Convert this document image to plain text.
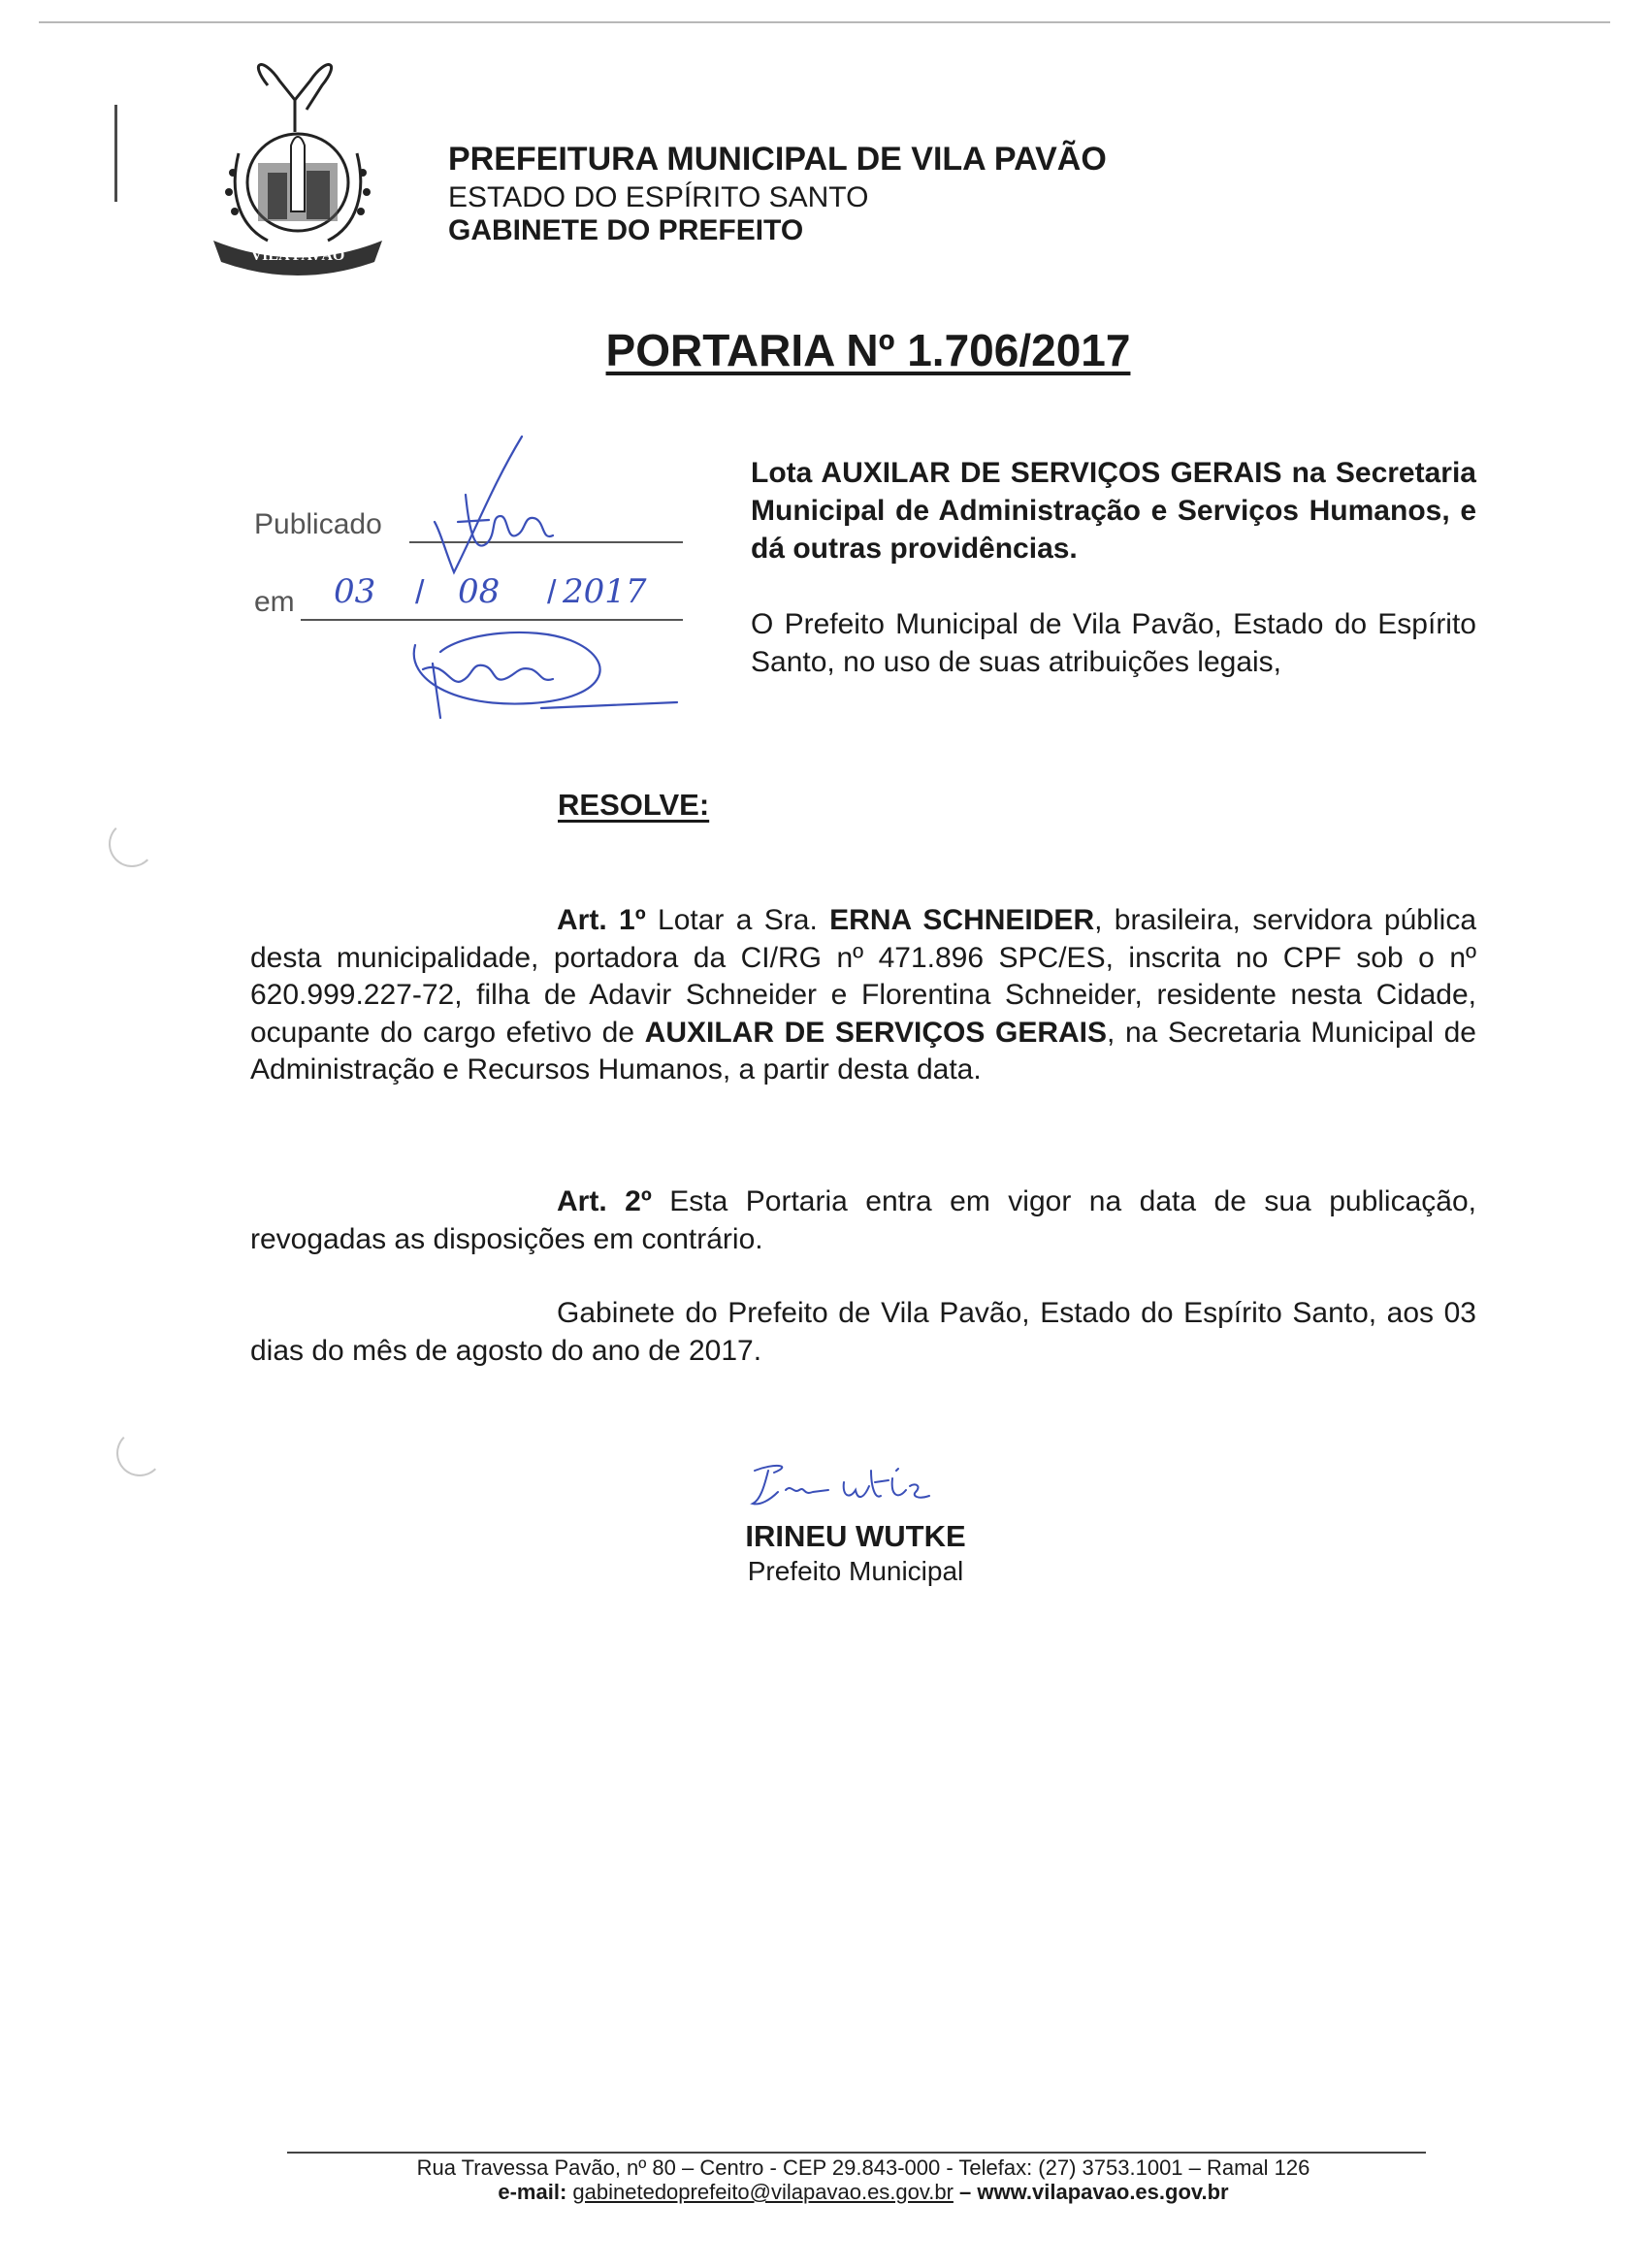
VILA PAVÃO
PREFEITURA MUNICIPAL DE VILA PAVÃO
ESTADO DO ESPÍRITO SANTO
GABINETE DO PREFEITO
PORTARIA Nº 1.706/2017
Publicado
em 03 / 08 / 2017
Lota AUXILAR DE SERVIÇOS GERAIS na Secretaria Municipal de Administração e Serviços Humanos, e dá outras providências.
O Prefeito Municipal de Vila Pavão, Estado do Espírito Santo, no uso de suas atribuições legais,
RESOLVE:
Art. 1º Lotar a Sra. ERNA SCHNEIDER, brasileira, servidora pública desta municipalidade, portadora da CI/RG nº 471.896 SPC/ES, inscrita no CPF sob o nº 620.999.227-72, filha de Adavir Schneider e Florentina Schneider, residente nesta Cidade, ocupante do cargo efetivo de AUXILAR DE SERVIÇOS GERAIS, na Secretaria Municipal de Administração e Recursos Humanos, a partir desta data.
Art. 2º Esta Portaria entra em vigor na data de sua publicação, revogadas as disposições em contrário.
Gabinete do Prefeito de Vila Pavão, Estado do Espírito Santo, aos 03 dias do mês de agosto do ano de 2017.
IRINEU WUTKE
Prefeito Municipal
Rua Travessa Pavão, nº 80 – Centro - CEP 29.843-000 - Telefax: (27) 3753.1001 – Ramal 126
e-mail: gabinetedoprefeito@vilapavao.es.gov.br – www.vilapavao.es.gov.br
